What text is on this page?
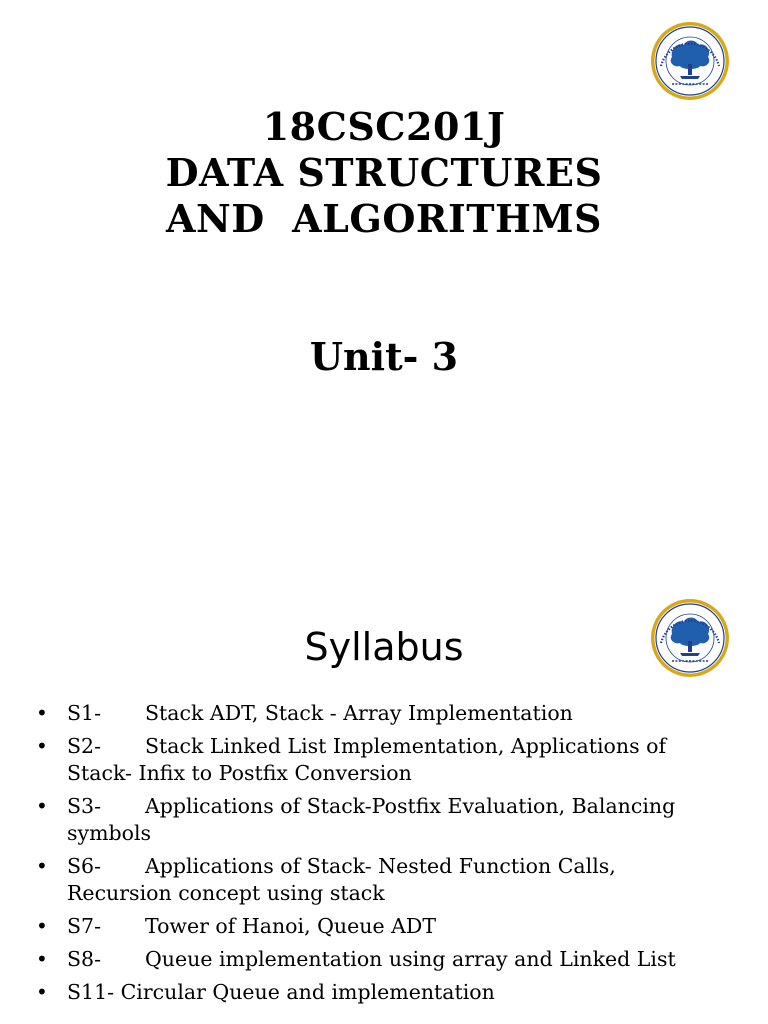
18CSC201J
DATA STRUCTURES
AND  ALGORITHMS
Unit- 3
Syllabus
• S1- Stack ADT, Stack - Array Implementation
• S2- Stack Linked List Implementation, Applications of Stack- Infix to Postfix Conversion
• S3- Applications of Stack-Postfix Evaluation, Balancing symbols
• S6- Applications of Stack- Nested Function Calls, Recursion concept using stack
• S7- Tower of Hanoi, Queue ADT
• S8- Queue implementation using array and Linked List
• S11- Circular Queue and implementation
